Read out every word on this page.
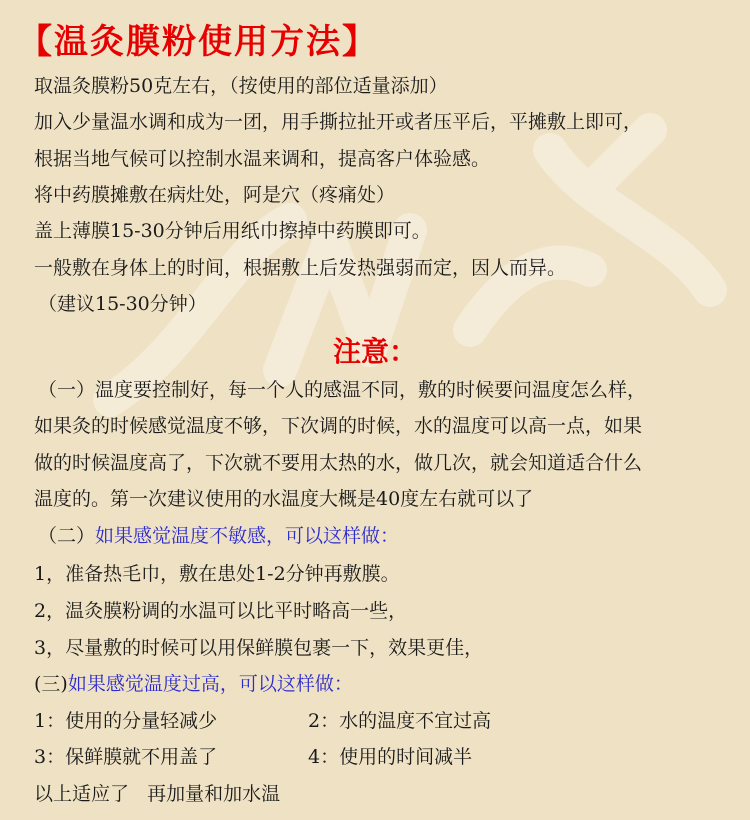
【温灸膜粉使用方法】
取温灸膜粉50克左右，（按使用的部位适量添加）
加入少量温水调和成为一团，用手撕拉扯开或者压平后，平摊敷上即可，
根据当地气候可以控制水温来调和，提高客户体验感。
将中药膜摊敷在病灶处，阿是穴（疼痛处）
盖上薄膜15-30分钟后用纸巾擦掉中药膜即可。
一般敷在身体上的时间，根据敷上后发热强弱而定，因人而异。
（建议15-30分钟）
注意：
（一）温度要控制好，每一个人的感温不同，敷的时候要问温度怎么样，
如果灸的时候感觉温度不够，下次调的时候，水的温度可以高一点，如果
做的时候温度高了，下次就不要用太热的水，做几次，就会知道适合什么
温度的。第一次建议使用的水温度大概是40度左右就可以了
（二）如果感觉温度不敏感，可以这样做：
1，准备热毛巾，敷在患处1-2分钟再敷膜。
2，温灸膜粉调的水温可以比平时略高一些，
3，尽量敷的时候可以用保鲜膜包裹一下，效果更佳，
(三)如果感觉温度过高，可以这样做：
1：使用的分量轻减少	2：水的温度不宜过高
3：保鲜膜就不用盖了	4：使用的时间减半
以上适应了   再加量和加水温
